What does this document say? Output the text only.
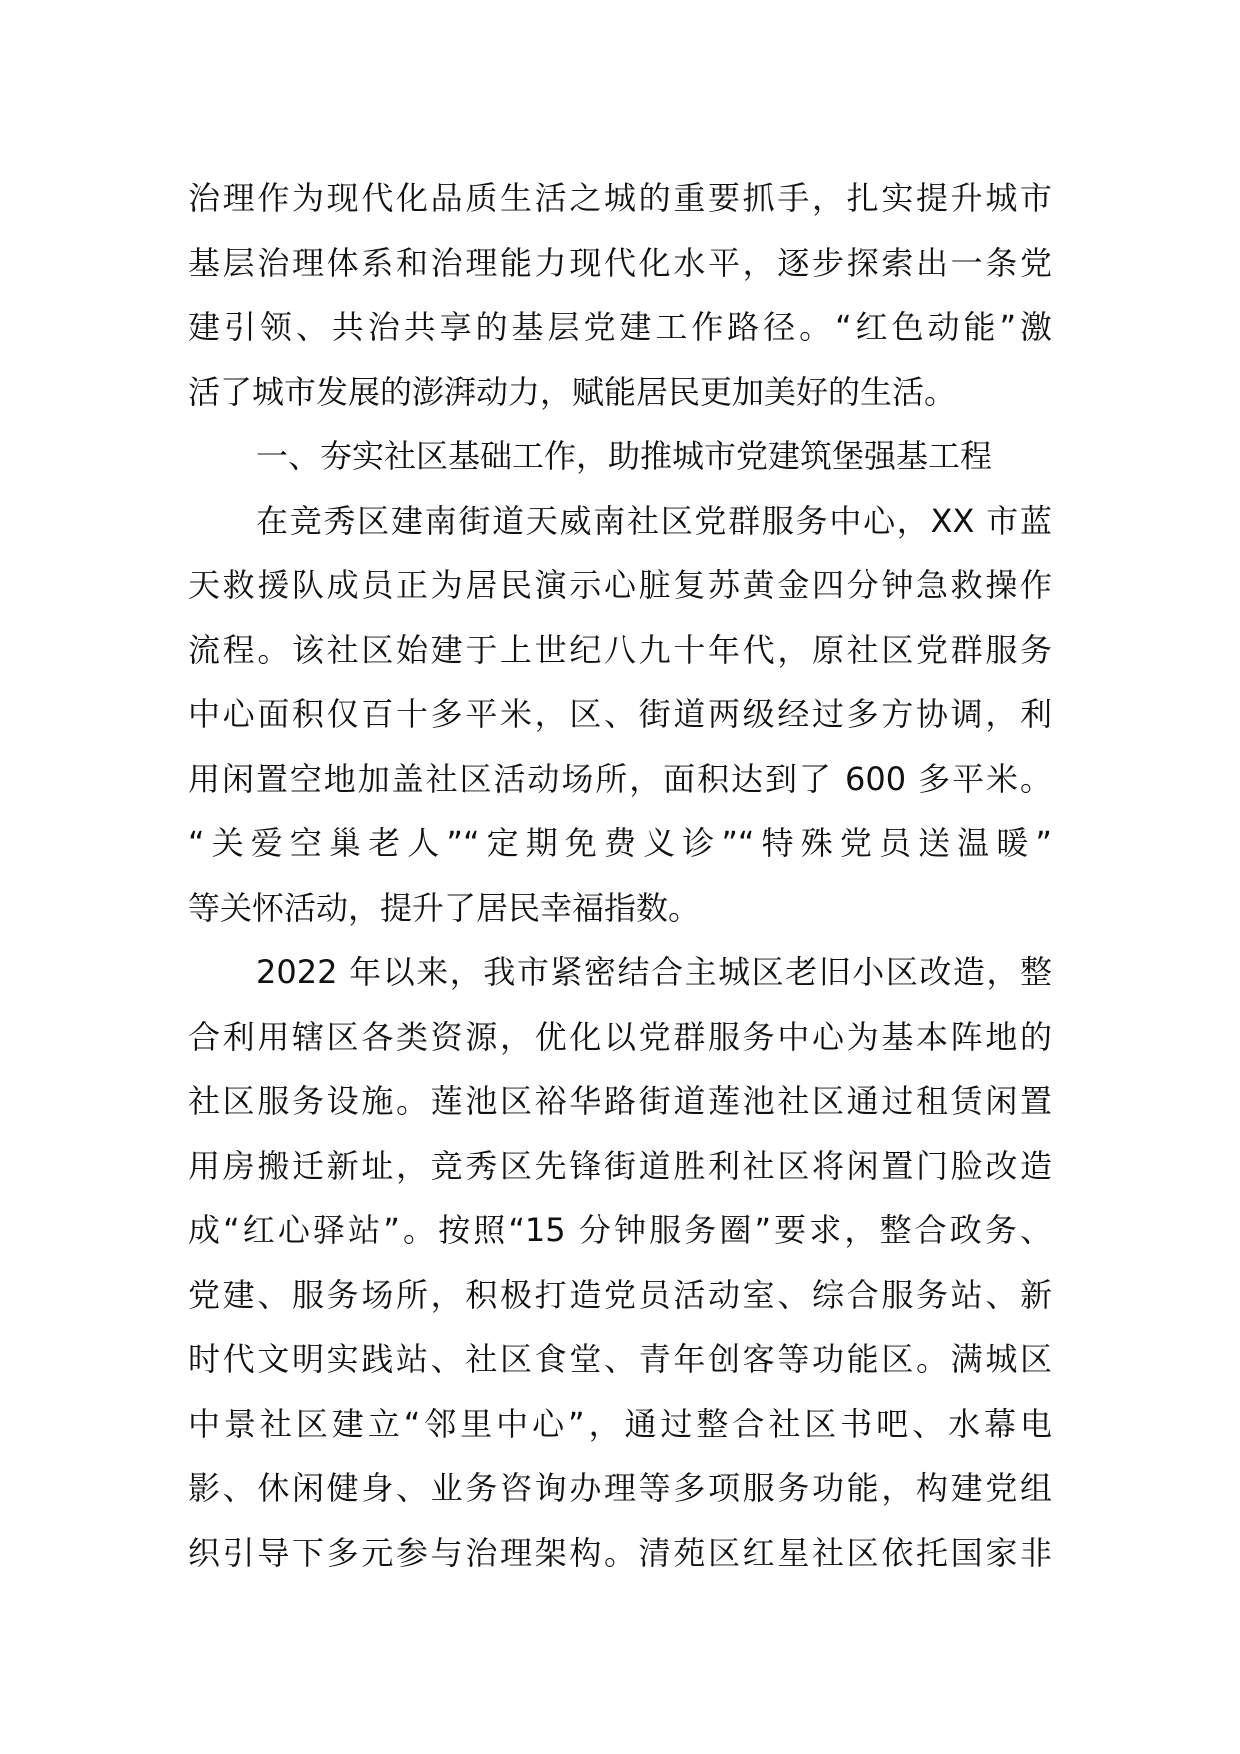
治理作为现代化品质生活之城的重要抓手，扎实提升城市
基层治理体系和治理能力现代化水平，逐步探索出一条党
建引领、共治共享的基层党建工作路径。“红色动能”激
活了城市发展的澎湃动力，赋能居民更加美好的生活。
一、夯实社区基础工作，助推城市党建筑堡强基工程
在竞秀区建南街道天威南社区党群服务中心，XX 市蓝
天救援队成员正为居民演示心脏复苏黄金四分钟急救操作
流程。该社区始建于上世纪八九十年代，原社区党群服务
中心面积仅百十多平米，区、街道两级经过多方协调，利
用闲置空地加盖社区活动场所，面积达到了 600 多平米。
“关爱空巢老人”“定期免费义诊”“特殊党员送温暖”
等关怀活动，提升了居民幸福指数。
2022 年以来，我市紧密结合主城区老旧小区改造，整
合利用辖区各类资源，优化以党群服务中心为基本阵地的
社区服务设施。莲池区裕华路街道莲池社区通过租赁闲置
用房搬迁新址，竞秀区先锋街道胜利社区将闲置门脸改造
成“红心驿站”。按照“15 分钟服务圈”要求，整合政务、
党建、服务场所，积极打造党员活动室、综合服务站、新
时代文明实践站、社区食堂、青年创客等功能区。满城区
中景社区建立“邻里中心”，通过整合社区书吧、水幕电
影、休闲健身、业务咨询办理等多项服务功能，构建党组
织引导下多元参与治理架构。清苑区红星社区依托国家非
